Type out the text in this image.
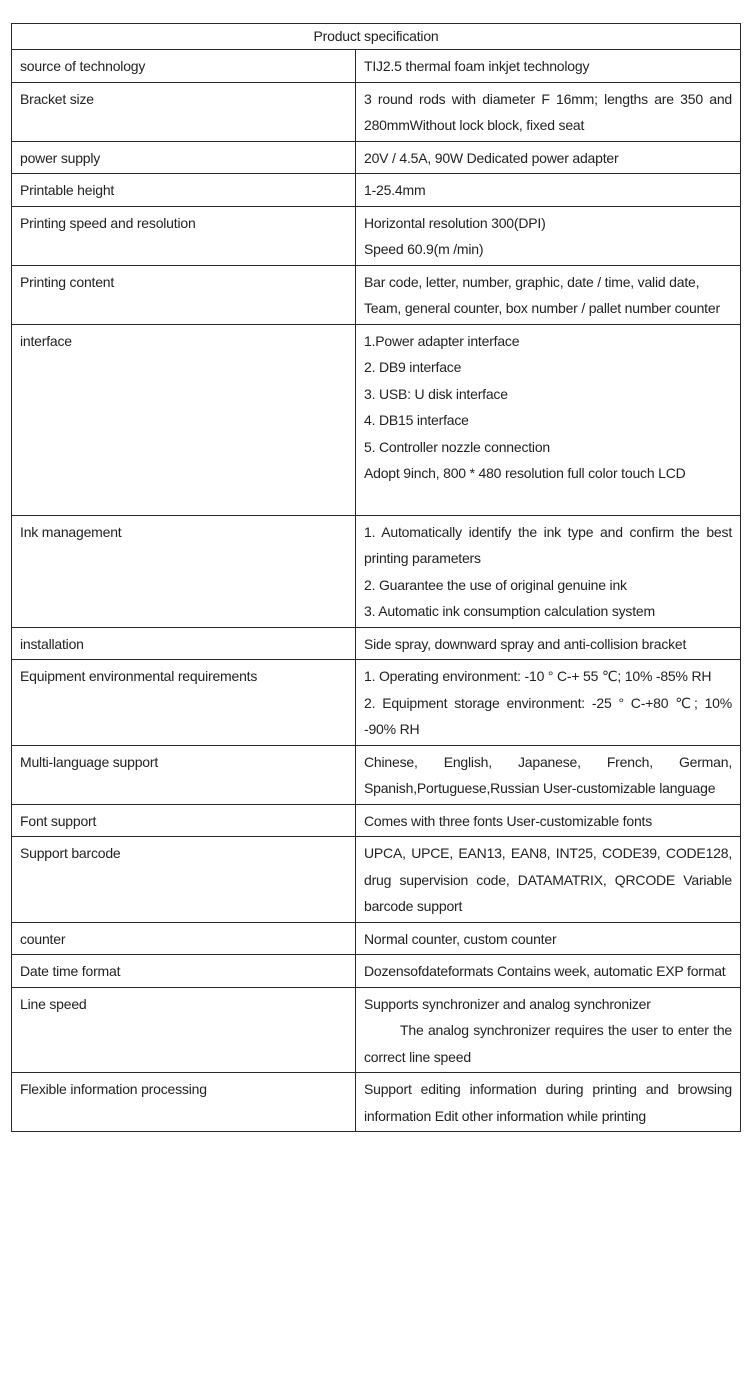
Product specification	
source of technology	TIJ2.5 thermal foam inkjet technology

Bracket size	3 round rods with diameter F 16mm; lengths are 350 and 280mmWithout lock block, fixed seat

power supply	20V / 4.5A, 90W Dedicated power adapter

Printable height	1-25.4mm

Printing speed and resolution	Horizontal resolution 300(DPI)
Speed 60.9(m /min)

Printing content	Bar code, letter, number, graphic, date / time, valid date,
Team, general counter, box number / pallet number counter

interface	1.Power adapter interface
2. DB9 interface
3. USB: U disk interface
4. DB15 interface
5. Controller nozzle connection
Adopt 9inch, 800 * 480 resolution full color touch LCD

Ink management	1. Automatically identify the ink type and confirm the best printing parameters
2. Guarantee the use of original genuine ink
3. Automatic ink consumption calculation system

installation	Side spray, downward spray and anti-collision bracket

Equipment environmental requirements	1. Operating environment: -10 ° C-+ 55 ℃; 10% -85% RH
2. Equipment storage environment: -25 ° C-+80 ℃; 10% -90% RH

Multi-language support	Chinese, English, Japanese, French, German, Spanish,Portuguese,Russian User-customizable language

Font support	Comes with three fonts User-customizable fonts

Support barcode	UPCA, UPCE, EAN13, EAN8, INT25, CODE39, CODE128, drug supervision code, DATAMATRIX, QRCODE Variable barcode support

counter	Normal counter, custom counter

Date time format	Dozensofdateformats Contains week, automatic EXP format

Line speed	Supports synchronizer and analog synchronizer
The analog synchronizer requires the user to enter the correct line speed

Flexible information processing	Support editing information during printing and browsing information Edit other information while printing
